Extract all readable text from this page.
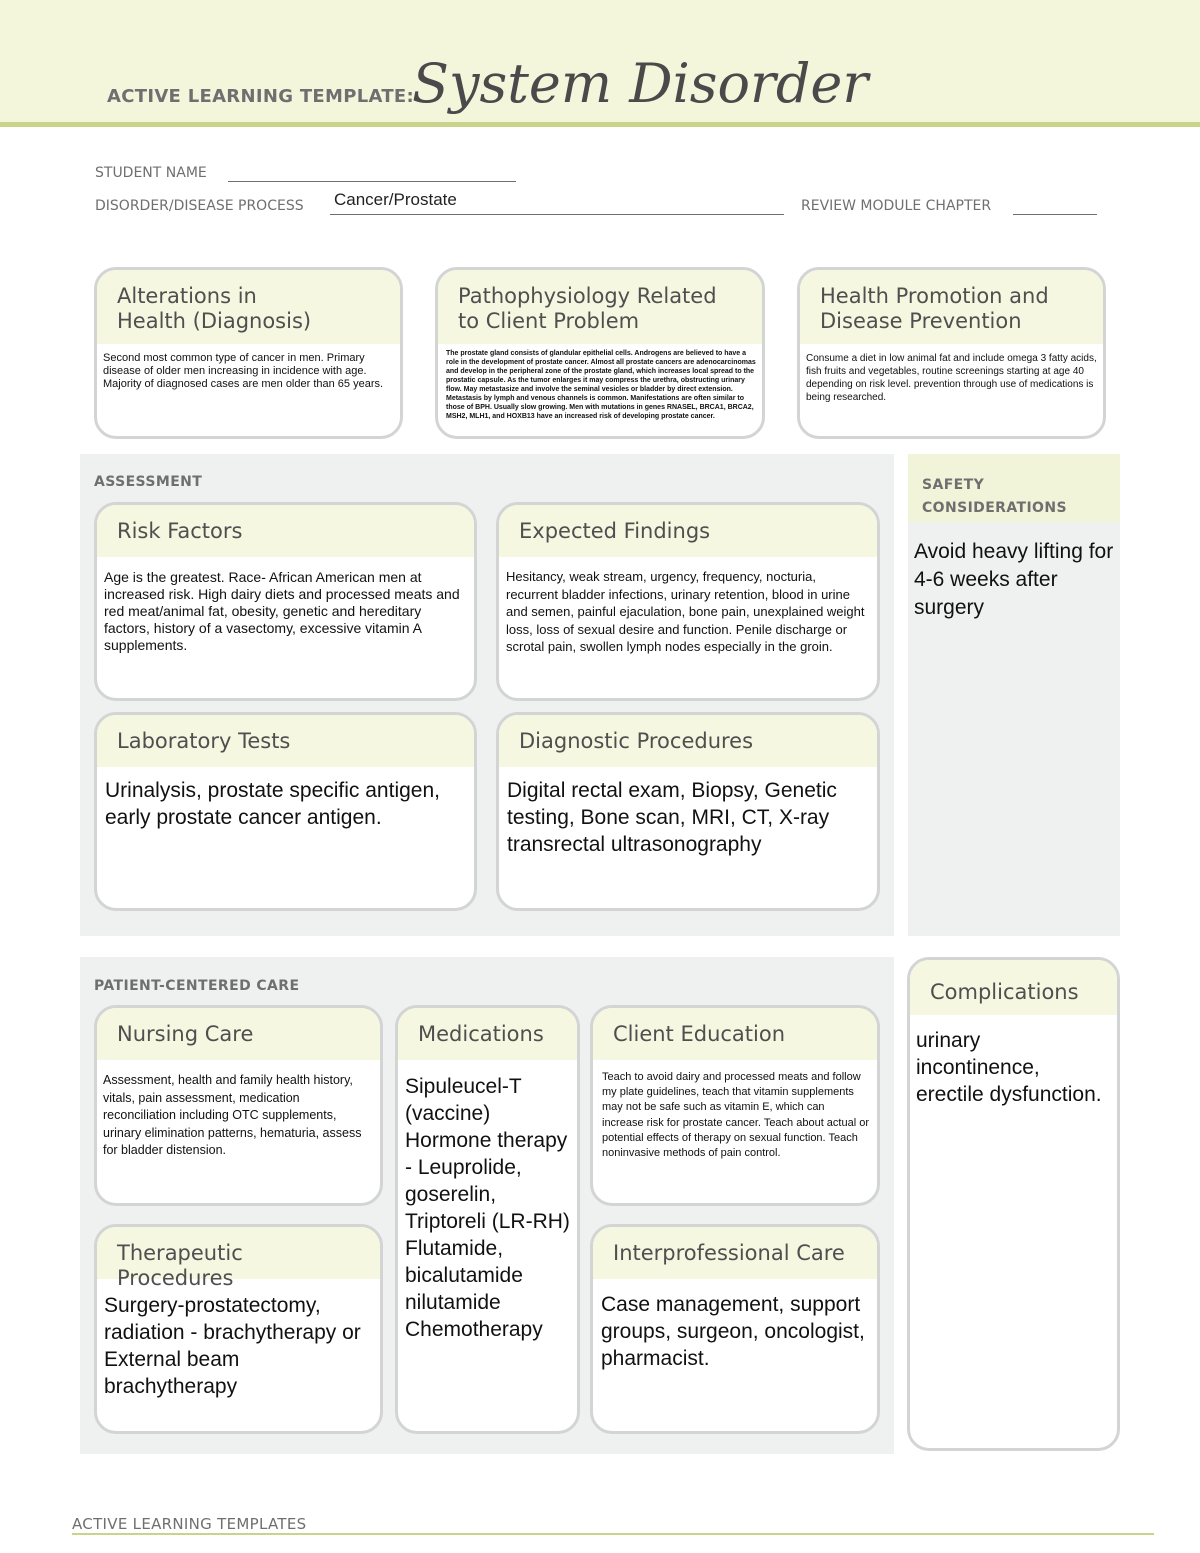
ACTIVE LEARNING TEMPLATE:
System Disorder
STUDENT NAME
DISORDER/DISEASE PROCESS Cancer/Prostate	REVIEW MODULE CHAPTER
Alterations in
Health (Diagnosis)
Second most common type of cancer in men. Primary disease of older men increasing in incidence with age. Majority of diagnosed cases are men older than 65 years.
Pathophysiology Related
to Client Problem
The prostate gland consists of glandular epithelial cells. Androgens are believed to have a role in the development of prostate cancer. Almost all prostate cancers are adenocarcinomas and develop in the peripheral zone of the prostate gland, which increases local spread to the prostatic capsule. As the tumor enlarges it may compress the urethra, obstructing urinary flow. May metastasize and involve the seminal vesicles or bladder by direct extension. Metastasis by lymph and venous channels is common. Manifestations are often similar to those of BPH. Usually slow growing. Men with mutations in genes RNASEL, BRCA1, BRCA2, MSH2, MLH1, and HOXB13 have an increased risk of developing prostate cancer.
Health Promotion and
Disease Prevention
Consume a diet in low animal fat and include omega 3 fatty acids, fish fruits and vegetables, routine screenings starting at age 40 depending on risk level. prevention through use of medications is being researched.
ASSESSMENT
Risk Factors
Age is the greatest. Race- African American men at increased risk. High dairy diets and processed meats and red meat/animal fat, obesity, genetic and hereditary factors, history of a vasectomy, excessive vitamin A supplements.
Expected Findings
Hesitancy, weak stream, urgency, frequency, nocturia, recurrent bladder infections, urinary retention, blood in urine and semen, painful ejaculation, bone pain, unexplained weight loss, loss of sexual desire and function. Penile discharge or scrotal pain, swollen lymph nodes especially in the groin.
Laboratory Tests
Urinalysis, prostate specific antigen, early prostate cancer antigen.
Diagnostic Procedures
Digital rectal exam, Biopsy, Genetic testing, Bone scan, MRI, CT, X-ray transrectal ultrasonography
SAFETY
CONSIDERATIONS
Avoid heavy lifting for 4-6 weeks after surgery
PATIENT-CENTERED CARE
Nursing Care
Assessment, health and family health history, vitals, pain assessment, medication reconciliation including OTC supplements, urinary elimination patterns, hematuria, assess for bladder distension.
Medications
Sipuleucel-T (vaccine) Hormone therapy - Leuprolide, goserelin, Triptoreli (LR-RH) Flutamide, bicalutamide nilutamide Chemotherapy
Client Education
Teach to avoid dairy and processed meats and follow my plate guidelines, teach that vitamin supplements may not be safe such as vitamin E, which can increase risk for prostate cancer. Teach about actual or potential effects of therapy on sexual function. Teach noninvasive methods of pain control.
Therapeutic Procedures
Surgery-prostatectomy, radiation - brachytherapy or External beam brachytherapy
Interprofessional Care
Case management, support groups, surgeon, oncologist, pharmacist.
Complications
urinary incontinence, erectile dysfunction.
ACTIVE LEARNING TEMPLATES
